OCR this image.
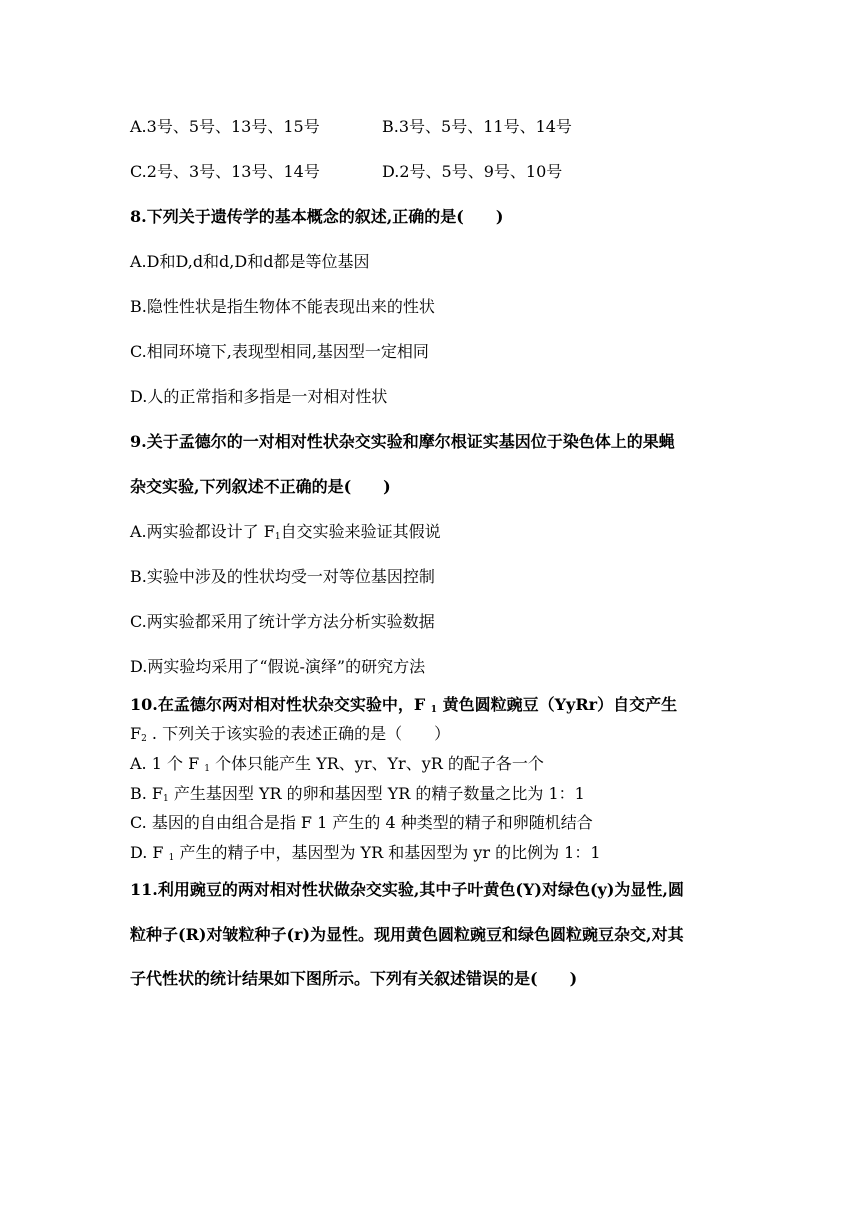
A.3号、5号、13号、15号	B.3号、5号、11号、14号
C.2号、3号、13号、14号	D.2号、5号、9号、10号
8.下列关于遗传学的基本概念的叙述,正确的是(　　)
A.D和D,d和d,D和d都是等位基因
B.隐性性状是指生物体不能表现出来的性状
C.相同环境下,表现型相同,基因型一定相同
D.人的正常指和多指是一对相对性状
9.关于孟德尔的一对相对性状杂交实验和摩尔根证实基因位于染色体上的果蝇
杂交实验,下列叙述不正确的是(　　)
A.两实验都设计了 $F_1$自交实验来验证其假说
B.实验中涉及的性状均受一对等位基因控制
C.两实验都采用了统计学方法分析实验数据
D.两实验均采用了“假说-演绎”的研究方法
10.在孟德尔两对相对性状杂交实验中，F $_1$ 黄色圆粒豌豆（YyRr）自交产生
$F_2$ . 下列关于该实验的表述正确的是（　　）
A. 1 个 F $_1$ 个体只能产生 YR、yr、Yr、yR 的配子各一个
B. $F_1$ 产生基因型 YR 的卵和基因型 YR 的精子数量之比为 1：1
C. 基因的自由组合是指 F 1 产生的 4 种类型的精子和卵随机结合
D. F $_1$ 产生的精子中，基因型为 YR 和基因型为 yr 的比例为 1：1
11.利用豌豆的两对相对性状做杂交实验,其中子叶黄色(Y)对绿色(y)为显性,圆
粒种子(R)对皱粒种子(r)为显性。现用黄色圆粒豌豆和绿色圆粒豌豆杂交,对其
子代性状的统计结果如下图所示。下列有关叙述错误的是(　　)
